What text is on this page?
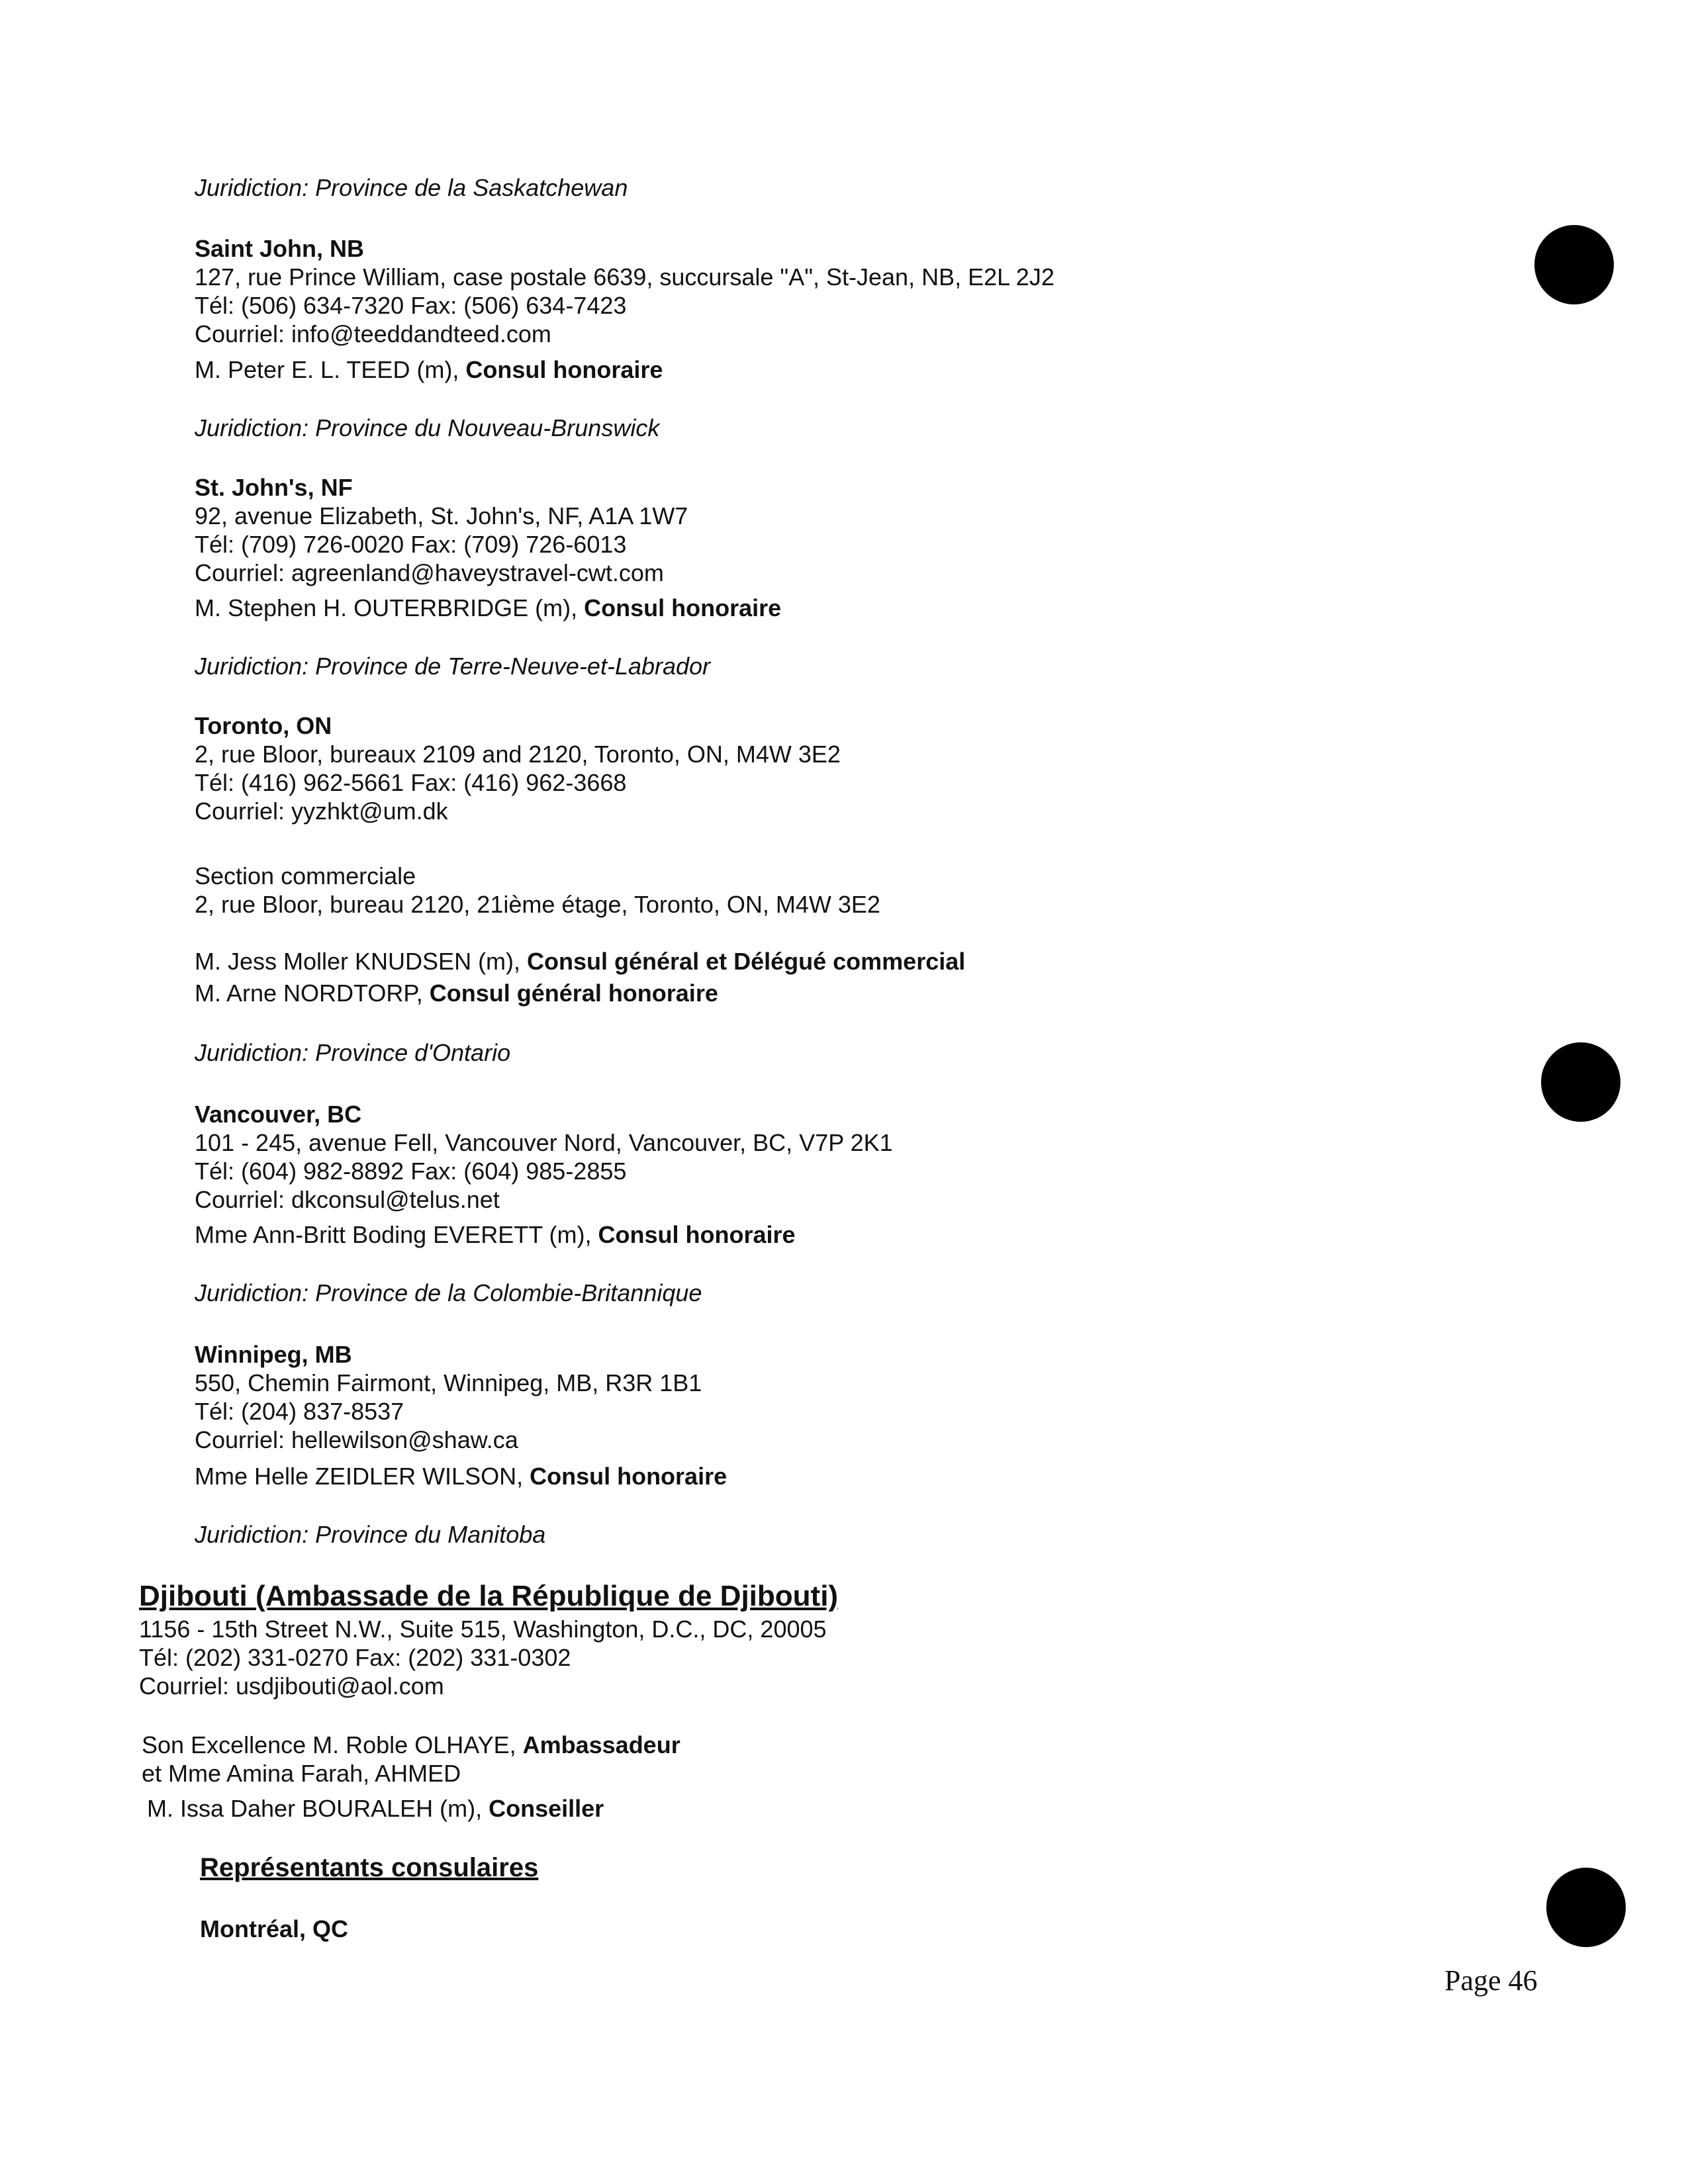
Juridiction: Province de la Saskatchewan
Saint John, NB
127, rue Prince William, case postale 6639, succursale "A", St-Jean, NB, E2L 2J2
Tél: (506) 634-7320 Fax: (506) 634-7423
Courriel: info@teeddandteed.com
M. Peter E. L. TEED (m), Consul honoraire
Juridiction: Province du Nouveau-Brunswick
St. John's, NF
92, avenue Elizabeth, St. John's, NF, A1A 1W7
Tél: (709) 726-0020 Fax: (709) 726-6013
Courriel: agreenland@haveystravel-cwt.com
M. Stephen H. OUTERBRIDGE (m), Consul honoraire
Juridiction: Province de Terre-Neuve-et-Labrador
Toronto, ON
2, rue Bloor, bureaux 2109 and 2120, Toronto, ON, M4W 3E2
Tél: (416) 962-5661 Fax: (416) 962-3668
Courriel: yyzhkt@um.dk
Section commerciale
2, rue Bloor, bureau 2120, 21ième étage, Toronto, ON, M4W 3E2
M. Jess Moller KNUDSEN (m), Consul général et Délégué commercial
M. Arne NORDTORP, Consul général honoraire
Juridiction: Province d'Ontario
Vancouver, BC
101 - 245, avenue Fell, Vancouver Nord, Vancouver, BC, V7P 2K1
Tél: (604) 982-8892 Fax: (604) 985-2855
Courriel: dkconsul@telus.net
Mme Ann-Britt Boding EVERETT (m), Consul honoraire
Juridiction: Province de la Colombie-Britannique
Winnipeg, MB
550, Chemin Fairmont, Winnipeg, MB, R3R 1B1
Tél: (204) 837-8537
Courriel: hellewilson@shaw.ca
Mme Helle ZEIDLER WILSON, Consul honoraire
Juridiction: Province du Manitoba
Djibouti (Ambassade de la République de Djibouti)
1156 - 15th Street N.W., Suite 515, Washington, D.C., DC, 20005
Tél: (202) 331-0270 Fax: (202) 331-0302
Courriel: usdjibouti@aol.com
Son Excellence M. Roble OLHAYE, Ambassadeur
et Mme Amina Farah, AHMED
M. Issa Daher BOURALEH (m), Conseiller
Représentants consulaires
Montréal, QC
Page 46
